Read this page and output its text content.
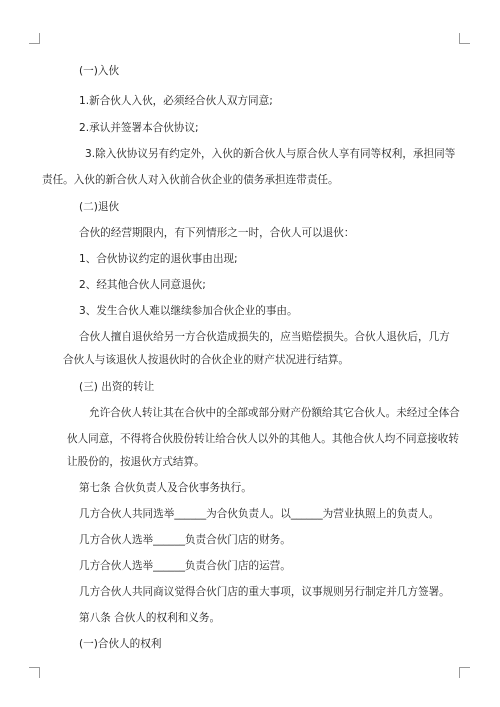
(一)入伙
1.新合伙人入伙，必须经合伙人双方同意;
2.承认并签署本合伙协议;
3.除入伙协议另有约定外，入伙的新合伙人与原合伙人享有同等权利，承担同等
责任。入伙的新合伙人对入伙前合伙企业的债务承担连带责任。
(二)退伙
合伙的经营期限内，有下列情形之一时，合伙人可以退伙：
1、合伙协议约定的退伙事由出现;
2、经其他合伙人同意退伙;
3、发生合伙人难以继续参加合伙企业的事由。
合伙人擅自退伙给另一方合伙造成损失的，应当赔偿损失。合伙人退伙后，几方
合伙人与该退伙人按退伙时的合伙企业的财产状况进行结算。
(三) 出资的转让
允许合伙人转让其在合伙中的全部或部分财产份额给其它合伙人。未经过全体合
伙人同意，不得将合伙股份转让给合伙人以外的其他人。其他合伙人均不同意接收转
让股份的，按退伙方式结算。
第七条 合伙负责人及合伙事务执行。
几方合伙人共同选举______为合伙负责人。以______为营业执照上的负责人。
几方合伙人选举______负责合伙门店的财务。
几方合伙人选举______负责合伙门店的运营。
几方合伙人共同商议觉得合伙门店的重大事项，议事规则另行制定并几方签署。
第八条 合伙人的权利和义务。
(一)合伙人的权利
